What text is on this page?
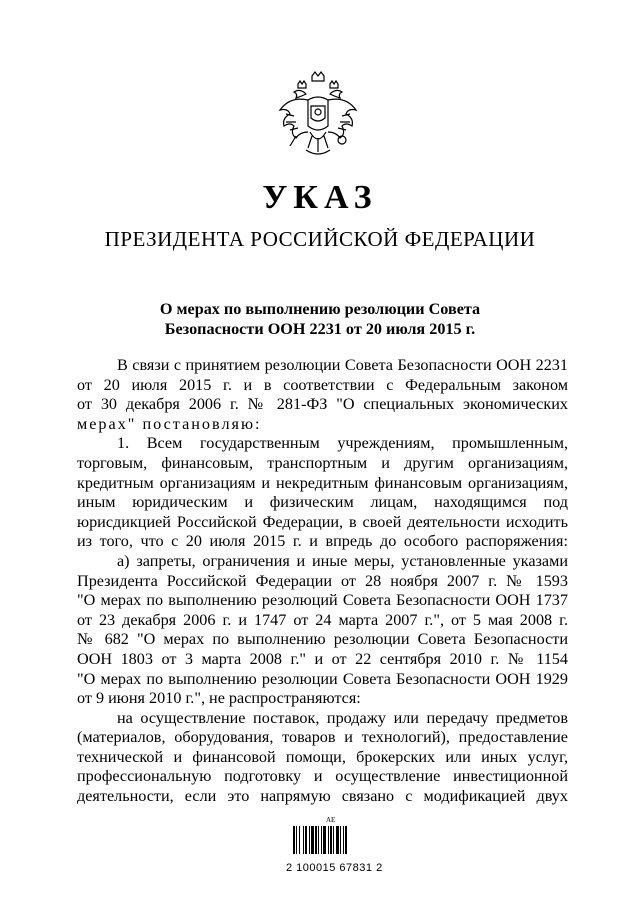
УКАЗ
ПРЕЗИДЕНТА РОССИЙСКОЙ ФЕДЕРАЦИИ
О мерах по выполнению резолюции Совета
Безопасности ООН 2231 от 20 июля 2015 г.
В связи с принятием резолюции Совета Безопасности ООН 2231
от 20 июля 2015 г. и в соответствии с Федеральным законом
от 30 декабря 2006 г. № 281-ФЗ "О специальных экономических
мерах" постановляю:
1. Всем государственным учреждениям, промышленным,
торговым, финансовым, транспортным и другим организациям,
кредитным организациям и некредитным финансовым организациям,
иным юридическим и физическим лицам, находящимся под
юрисдикцией Российской Федерации, в своей деятельности исходить
из того, что с 20 июля 2015 г. и впредь до особого распоряжения:
а) запреты, ограничения и иные меры, установленные указами
Президента Российской Федерации от 28 ноября 2007 г. № 1593
"О мерах по выполнению резолюций Совета Безопасности ООН 1737
от 23 декабря 2006 г. и 1747 от 24 марта 2007 г.", от 5 мая 2008 г.
№ 682 "О мерах по выполнению резолюции Совета Безопасности
ООН 1803 от 3 марта 2008 г." и от 22 сентября 2010 г. № 1154
"О мерах по выполнению резолюции Совета Безопасности ООН 1929
от 9 июня 2010 г.", не распространяются:
на осуществление поставок, продажу или передачу предметов
(материалов, оборудования, товаров и технологий), предоставление
технической и финансовой помощи, брокерских или иных услуг,
профессиональную подготовку и осуществление инвестиционной
деятельности, если это напрямую связано с модификацией двух
АЕ
2 100015 67831 2
